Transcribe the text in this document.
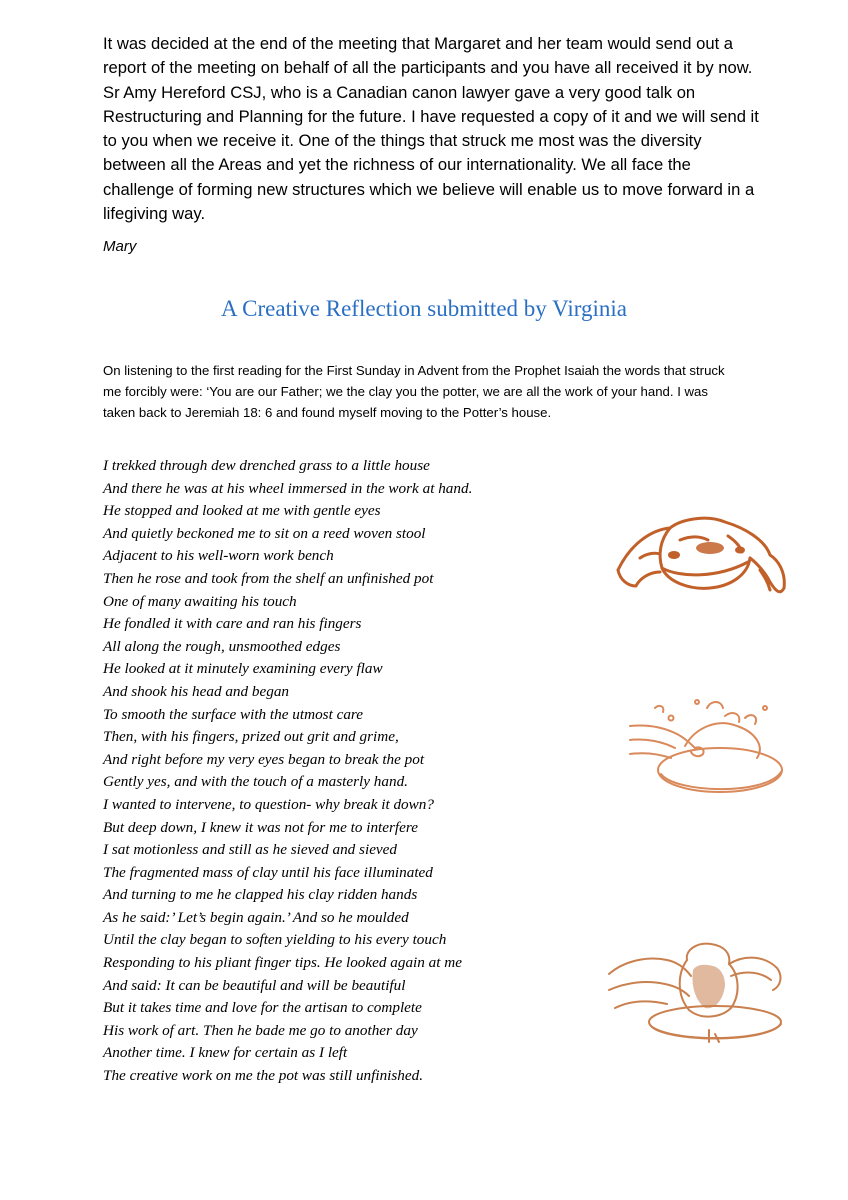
It was decided at the end of the meeting that Margaret and her team would send out a report of the meeting on behalf of all the participants and you have all received it by now. Sr Amy Hereford CSJ, who is a Canadian canon lawyer gave a very good talk on Restructuring and Planning for the future. I have requested a copy of it and we will send it to you when we receive it. One of the things that struck me most was the diversity between all the Areas and yet the richness of our internationality. We all face the challenge of forming new structures which we believe will enable us to move forward in a lifegiving way.

Mary

A Creative Reflection submitted by Virginia

On listening to the first reading for the First Sunday in Advent from the Prophet Isaiah the words that struck me forcibly were: ‘You are our Father; we the clay you the potter, we are all the work of your hand. I was taken back to Jeremiah 18: 6 and found myself moving to the Potter’s house.

I trekked through dew drenched grass to a little house
And there he was at his wheel immersed in the work at hand.
He stopped and looked at me with gentle eyes
And quietly beckoned me to sit on a reed woven stool
Adjacent to his well-worn work bench
Then he rose and took from the shelf an unfinished pot
One of many awaiting his touch
He fondled it with care and ran his fingers
All along the rough, unsmoothed edges
He looked at it minutely examining every flaw
And shook his head and began
To smooth the surface with the utmost care
Then, with his fingers, prized out grit and grime,
And right before my very eyes began to break the pot
Gently yes, and with the touch of a masterly hand.
I wanted to intervene, to question- why break it down?
But deep down, I knew it was not for me to interfere
I sat motionless and still as he sieved and sieved
The fragmented mass of clay until his face illuminated
And turning to me he clapped his clay ridden hands
As he said:’ Let’s begin again.’ And so he moulded
Until the clay began to soften yielding to his every touch
Responding to his pliant finger tips. He looked again at me
And said: It can be beautiful and will be beautiful
But it takes time and love for the artisan to complete
His work of art. Then he bade me go to another day
Another time. I knew for certain as I left
The creative work on me the pot was still unfinished.
